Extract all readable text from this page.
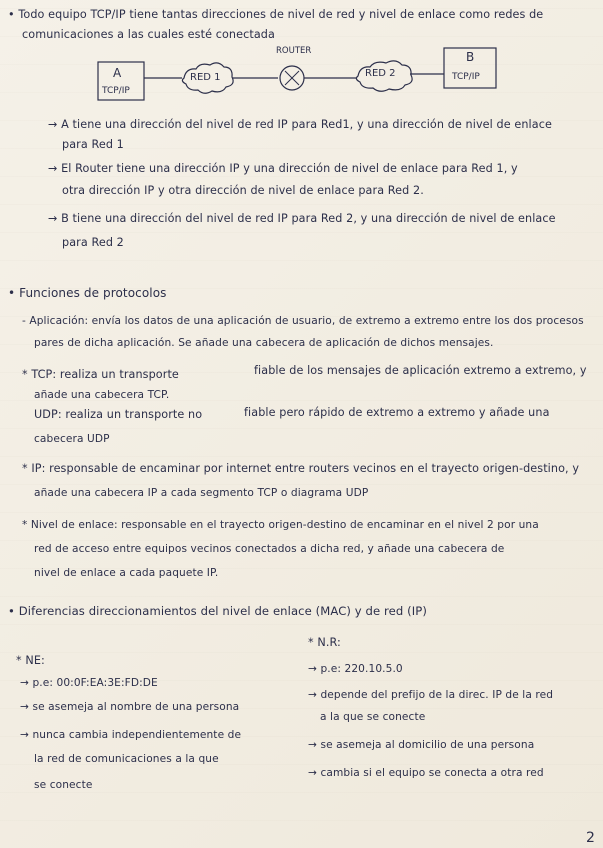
• Todo equipo TCP/IP tiene tantas direcciones de nivel de red y nivel de enlace como redes de
comunicaciones a las cuales esté conectada
A
TCP/IP
RED 1
ROUTER
RED 2
B
TCP/IP
→ A tiene una dirección del nivel de red IP para Red1, y una dirección de nivel de enlace
para Red 1
→ El Router tiene una dirección IP y una dirección de nivel de enlace para Red 1, y
otra dirección IP y otra dirección de nivel de enlace para Red 2.
→ B tiene una dirección del nivel de red IP para Red 2, y una dirección de nivel de enlace
para Red 2
• Funciones de protocolos
- Aplicación: envía los datos de una aplicación de usuario, de extremo a extremo entre los dos procesos
pares de dicha aplicación. Se añade una cabecera de aplicación de dichos mensajes.
* TCP: realiza un transporte	fiable de los mensajes de aplicación extremo a extremo, y
añade una cabecera TCP.
UDP: realiza un transporte no	fiable pero rápido de extremo a extremo y añade una
cabecera UDP
* IP: responsable de encaminar por internet entre routers vecinos en el trayecto origen-destino, y
añade una cabecera IP a cada segmento TCP o diagrama UDP
* Nivel de enlace: responsable en el trayecto origen-destino de encaminar en el nivel 2 por una
red de acceso entre equipos vecinos conectados a dicha red, y añade una cabecera de
nivel de enlace a cada paquete IP.
• Diferencias direccionamientos del nivel de enlace (MAC) y de red (IP)
* NE:
→ p.e: 00:0F:EA:3E:FD:DE
→ se asemeja al nombre de una persona
→ nunca cambia independientemente de
la red de comunicaciones a la que
se conecte
* N.R:
→ p.e: 220.10.5.0
→ depende del prefijo de la direc. IP de la red
a la que se conecte
→ se asemeja al domicilio de una persona
→ cambia si el equipo se conecta a otra red
2
